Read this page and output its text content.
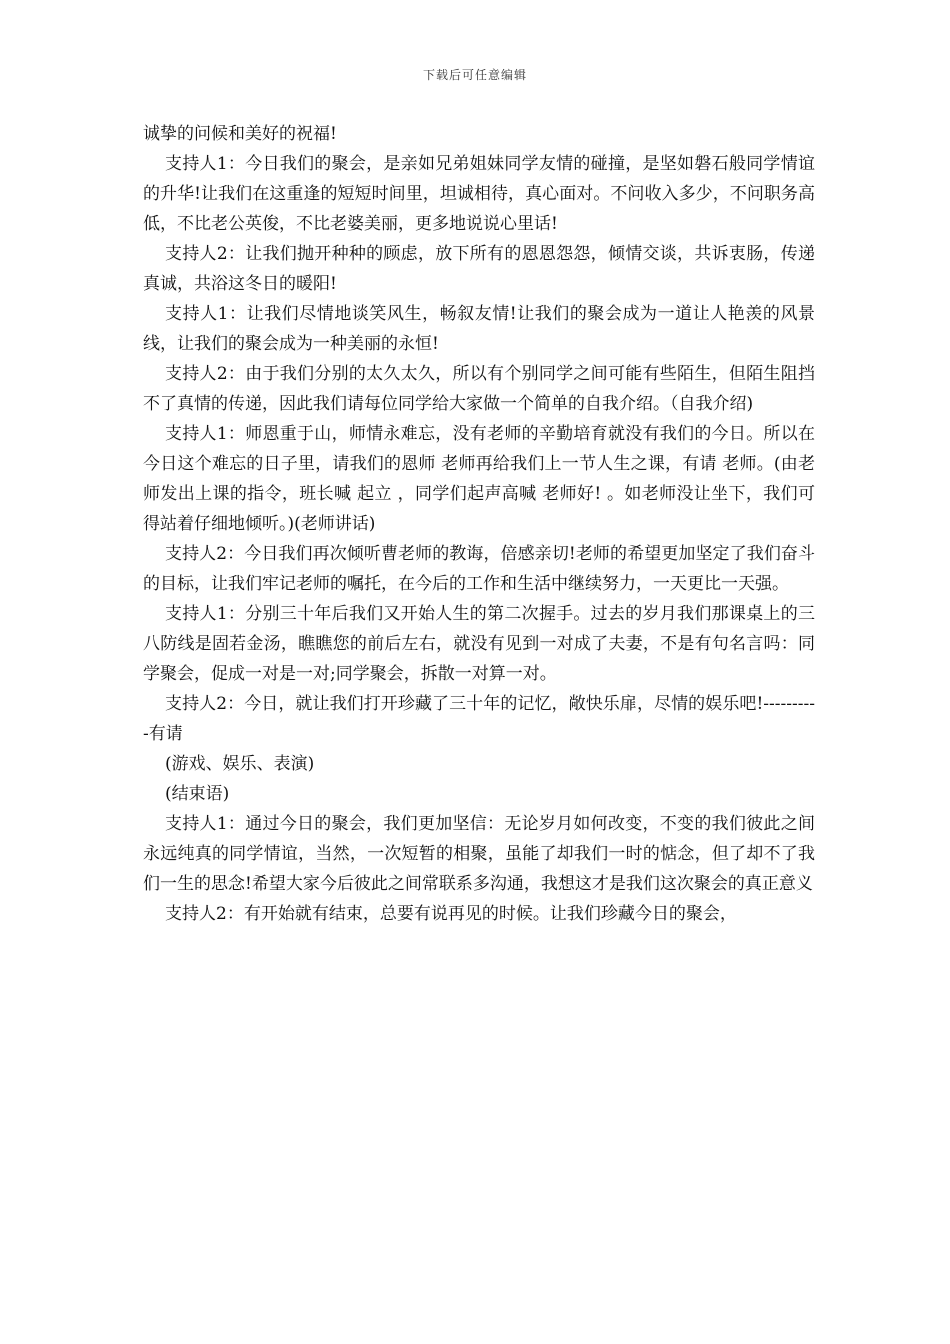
下载后可任意编辑

诚挚的问候和美好的祝福!

支持人1：今日我们的聚会，是亲如兄弟姐妹同学友情的碰撞，是坚如磐石般同学情谊的升华!让我们在这重逢的短短时间里，坦诚相待，真心面对。不问收入多少，不问职务高低，不比老公英俊，不比老婆美丽，更多地说说心里话!

支持人2：让我们抛开种种的顾虑，放下所有的恩恩怨怨，倾情交谈，共诉衷肠，传递真诚，共浴这冬日的暖阳!

支持人1：让我们尽情地谈笑风生，畅叙友情!让我们的聚会成为一道让人艳羡的风景线，让我们的聚会成为一种美丽的永恒!

支持人2：由于我们分别的太久太久，所以有个别同学之间可能有些陌生，但陌生阻挡不了真情的传递，因此我们请每位同学给大家做一个简单的自我介绍。（自我介绍)

支持人1：师恩重于山，师情永难忘，没有老师的辛勤培育就没有我们的今日。所以在今日这个难忘的日子里，请我们的恩师 老师再给我们上一节人生之课，有请 老师。(由老师发出上课的指令，班长喊 起立 ，同学们起声高喊 老师好! 。如老师没让坐下，我们可得站着仔细地倾听。)(老师讲话)

支持人2：今日我们再次倾听曹老师的教诲，倍感亲切!老师的希望更加坚定了我们奋斗的目标，让我们牢记老师的嘱托，在今后的工作和生活中继续努力，一天更比一天强。

支持人1：分别三十年后我们又开始人生的第二次握手。过去的岁月我们那课桌上的三八防线是固若金汤，瞧瞧您的前后左右，就没有见到一对成了夫妻，不是有句名言吗：同学聚会，促成一对是一对;同学聚会，拆散一对算一对。

支持人2：今日，就让我们打开珍藏了三十年的记忆，敞快乐扉，尽情的娱乐吧!----------有请

(游戏、娱乐、表演)

(结束语)

支持人1：通过今日的聚会，我们更加坚信：无论岁月如何改变，不变的我们彼此之间永远纯真的同学情谊，当然，一次短暂的相聚，虽能了却我们一时的惦念，但了却不了我们一生的思念!希望大家今后彼此之间常联系多沟通，我想这才是我们这次聚会的真正意义

支持人2：有开始就有结束，总要有说再见的时候。让我们珍藏今日的聚会，
